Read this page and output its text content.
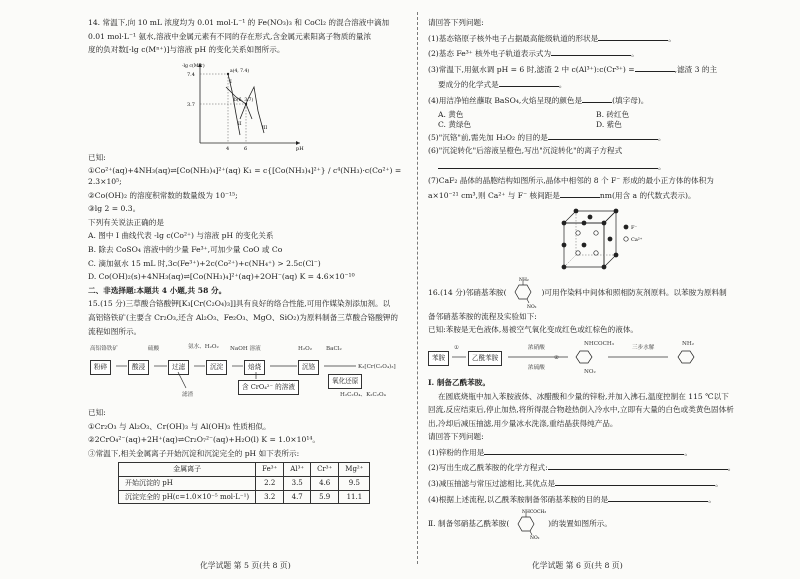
14. 常温下,向 10 mL 浓度均为 0.01 mol·L⁻¹ 的 Fe(NO₃)₃ 和 CoCl₂ 的混合溶液中滴加

0.01 mol·L⁻¹ 氨水,溶液中金属元素有不同的存在形式,含金属元素阳离子物质的量浓

度的负对数[-lg c(Mⁿ⁺)]与溶液 pH 的变化关系如图所示。

-lg c(Mⁿ⁺)
pH
7.4
3.7
4	6
a(4, 7.4)
b(6, 3.7)
I
II
III

已知:

①Co²⁺(aq)+4NH₃(aq)⇌[Co(NH₃)₄]²⁺(aq) K₁ = c{[Co(NH₃)₄]²⁺} / c⁴(NH₃)·c(Co²⁺) = 2.3×10⁵;

②Co(OH)₂ 的溶度积常数的数量级为 10⁻¹⁵;

③lg 2 = 0.3。

下列有关说法正确的是

A. 图中 I 曲线代表 -lg c(Co²⁺) 与溶液 pH 的变化关系

B. 除去 CoSO₄ 溶液中的少量 Fe³⁺,可加少量 CoO 或 Co

C. 滴加氨水 15 mL 时,3c(Fe³⁺)+2c(Co²⁺)+c(NH₄⁺) > 2.5c(Cl⁻)

D. Co(OH)₂(s)+4NH₃(aq)⇌[Co(NH₃)₄]²⁺(aq)+2OH⁻(aq) K = 4.6×10⁻¹⁰

二、非选择题:本题共 4 小题,共 58 分。

15.(15 分)三草酸合铬酸钾[K₃[Cr(C₂O₄)₃]]具有良好的络合性能,可用作媒染剂添加剂。以

高铝铬铁矿(主要含 Cr₂O₃,还含 Al₂O₃、Fe₂O₃、MgO、SiO₂)为原料制备三草酸合铬酸钾的

流程如图所示。

高铝铬铁矿	硫酸
滤渣
氨水、H₂O₂ NaOH 溶液	H₂O₂	BaCl₂
H₂C₂O₄、K₂C₂O₄
K₃[Cr(C₂O₄)₃]
粉碎	酸浸	过滤	沉淀	焙烧
含 CrO₄²⁻ 的溶液
沉铬
氧化还原

已知:

①Cr₂O₃ 与 Al₂O₃、Cr(OH)₃ 与 Al(OH)₃ 性质相似。

②2CrO₄²⁻(aq)+2H⁺(aq)⇌Cr₂O₇²⁻(aq)+H₂O(l) K = 1.0×10¹⁴。

③常温下,相关金属离子开始沉淀和沉淀完全的 pH 如下表所示:

金属离子	Fe³⁺	Al³⁺	Cr³⁺	Mg²⁺
开始沉淀的 pH	2.2	3.5	4.6	9.5
沉淀完全的 pH(c=1.0×10⁻⁵ mol·L⁻¹)	3.2	4.7	5.9	11.1

请回答下列问题:

(1)基态铬原子核外电子占据最高能级轨道的形状是	。

(2)基态 Fe³⁺ 核外电子轨道表示式为	。

(3)常温下,用氨水调 pH = 6 时,滤渣 2 中 c(Al³⁺):c(Cr³⁺) =	,滤渣 3 的主

要成分的化学式是	。

(4)用洁净铂丝蘸取 BaSO₄,火焰呈现的颜色是	(填字母)。

A. 黄色	B. 砖红色
C. 黄绿色	D. 紫色

(5)"沉铬"前,需先加 H₂O₂ 的目的是	。

(6)"沉淀转化"后溶液呈橙色,写出"沉淀转化"的离子方程式

。

(7)CaF₂ 晶体的晶胞结构如图所示,晶体中相邻的 8 个 F⁻ 形成的最小正方体的体积为

a×10⁻²¹ cm³,则 Ca²⁺ 与 F⁻ 核间距是	nm(用含 a 的代数式表示)。

F⁻
Ca²⁺

16.(14 分)邻硝基苯胺(
NH₂
NO₂
)可用作染料中间体和照相防灰剂原料。以苯胺为原料制

备邻硝基苯胺的流程及实验如下:

已知:苯胺是无色液体,易被空气氧化变成红色或红棕色的液体。

苯胺
①
乙酰苯胺
浓硝酸
浓硫酸
②
NHCOCH₃
NO₂
三步水解
NH₂

Ⅰ. 制备乙酰苯胺。

在圆底烧瓶中加入苯胺液体、冰醋酸和少量的锌粉,并加入沸石,温度控制在 115 ℃以下

回流,反应结束后,停止加热,将所得混合物趁热倒入冷水中,立即有大量的白色或类黄色固体析

出,冷却后减压抽滤,用少量冰水洗涤,重结晶获得纯产品。

请回答下列问题:

(1)锌粉的作用是	。

(2)写出生成乙酰苯胺的化学方程式:	。

(3)减压抽滤与常压过滤相比,其优点是	。

(4)根据上述流程,以乙酰苯胺制备邻硝基苯胺的目的是	。

Ⅱ. 制备邻硝基乙酰苯胺(
NHCOCH₃
NO₂
)的装置如图所示。

化学试题 第 5 页(共 8 页)	化学试题 第 6 页(共 8 页)
